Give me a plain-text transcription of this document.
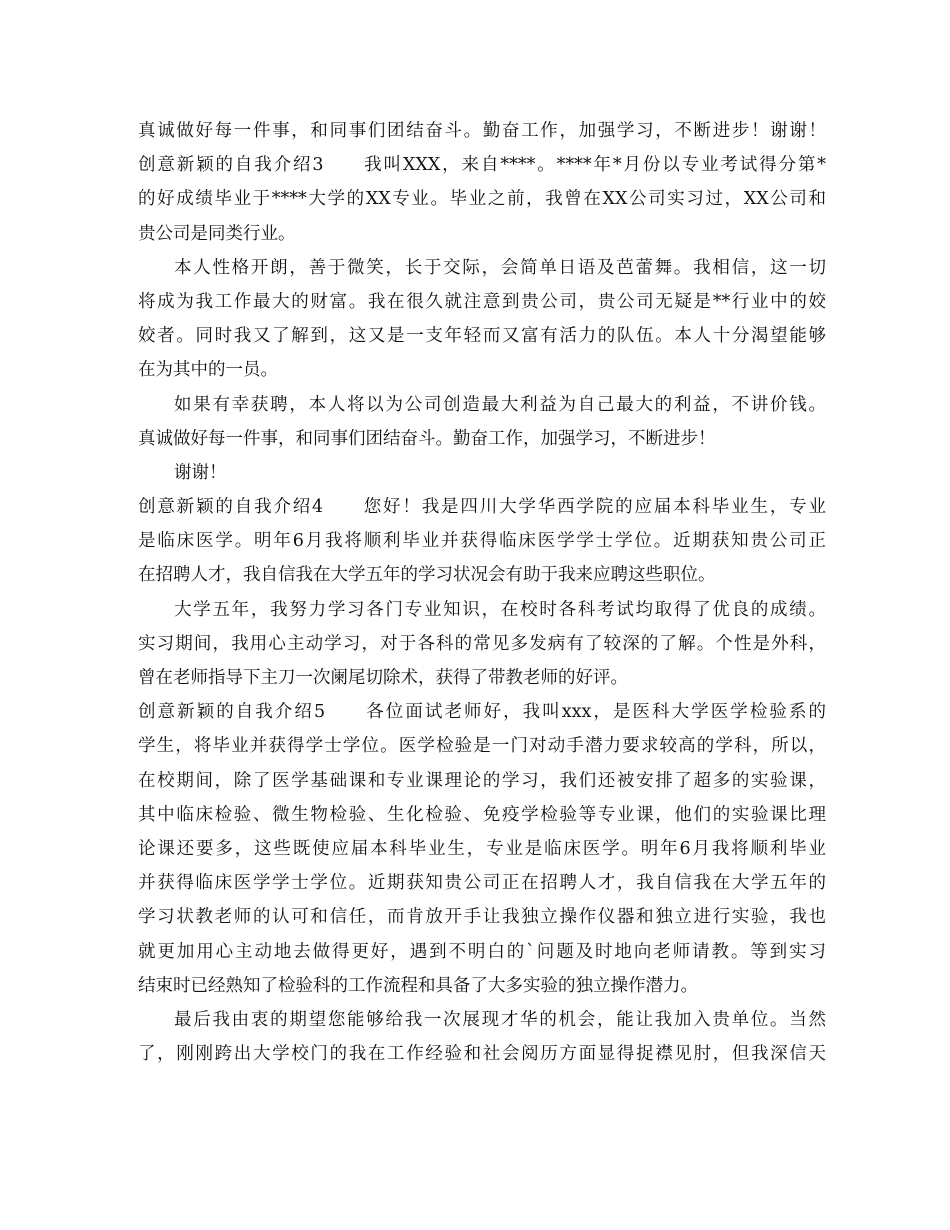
真诚做好每一件事，和同事们团结奋斗。勤奋工作，加强学习，不断进步！谢谢！
创意新颖的自我介绍3　　我叫XXX，来自****。****年*月份以专业考试得分第*
的好成绩毕业于****大学的XX专业。毕业之前，我曾在XX公司实习过，XX公司和
贵公司是同类行业。
本人性格开朗，善于微笑，长于交际，会简单日语及芭蕾舞。我相信，这一切
将成为我工作最大的财富。我在很久就注意到贵公司，贵公司无疑是**行业中的姣
姣者。同时我又了解到，这又是一支年轻而又富有活力的队伍。本人十分渴望能够
在为其中的一员。
如果有幸获聘，本人将以为公司创造最大利益为自己最大的利益，不讲价钱。
真诚做好每一件事，和同事们团结奋斗。勤奋工作，加强学习，不断进步！
谢谢！
创意新颖的自我介绍4　　您好！我是四川大学华西学院的应届本科毕业生，专业
是临床医学。明年6月我将顺利毕业并获得临床医学学士学位。近期获知贵公司正
在招聘人才，我自信我在大学五年的学习状况会有助于我来应聘这些职位。
大学五年，我努力学习各门专业知识，在校时各科考试均取得了优良的成绩。
实习期间，我用心主动学习，对于各科的常见多发病有了较深的了解。个性是外科，
曾在老师指导下主刀一次阑尾切除术，获得了带教老师的好评。
创意新颖的自我介绍5　　各位面试老师好，我叫xxx，是医科大学医学检验系的
学生，将毕业并获得学士学位。医学检验是一门对动手潜力要求较高的学科，所以，
在校期间，除了医学基础课和专业课理论的学习，我们还被安排了超多的实验课，
其中临床检验、微生物检验、生化检验、免疫学检验等专业课，他们的实验课比理
论课还要多，这些既使应届本科毕业生，专业是临床医学。明年6月我将顺利毕业
并获得临床医学学士学位。近期获知贵公司正在招聘人才，我自信我在大学五年的
学习状教老师的认可和信任，而肯放开手让我独立操作仪器和独立进行实验，我也
就更加用心主动地去做得更好，遇到不明白的`问题及时地向老师请教。等到实习
结束时已经熟知了检验科的工作流程和具备了大多实验的独立操作潜力。
最后我由衷的期望您能够给我一次展现才华的机会，能让我加入贵单位。当然
了，刚刚跨出大学校门的我在工作经验和社会阅历方面显得捉襟见肘，但我深信天
